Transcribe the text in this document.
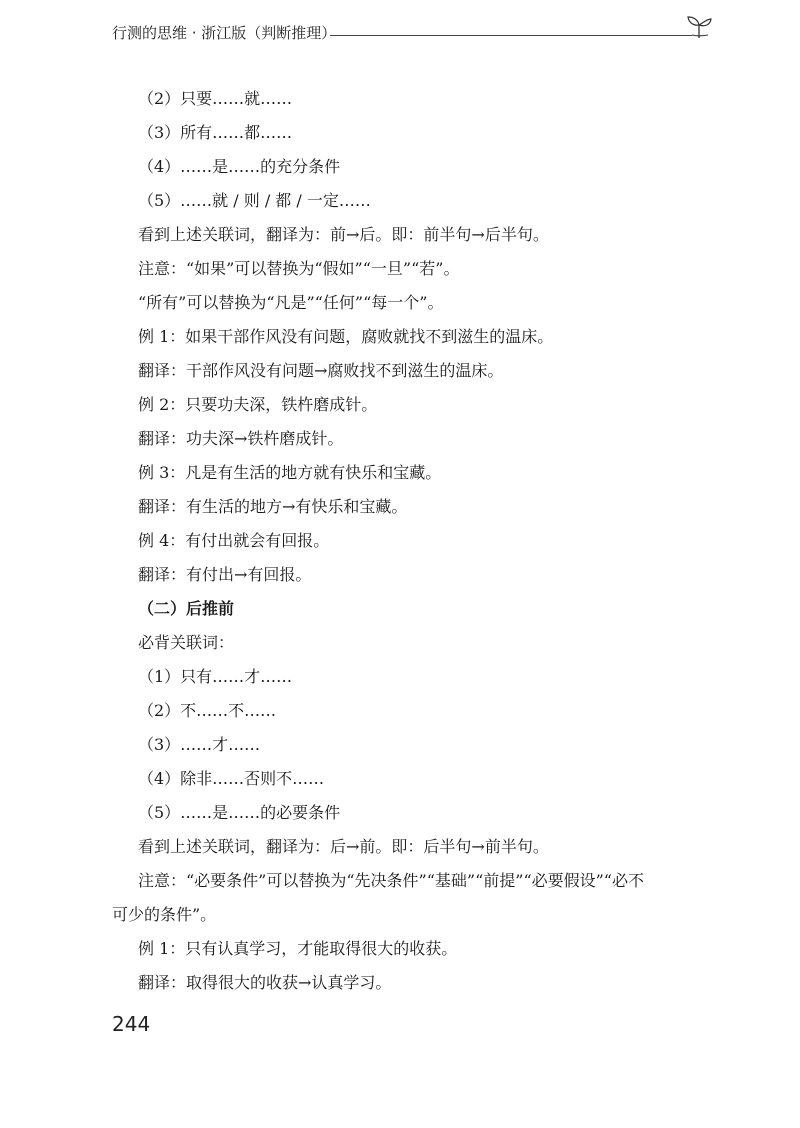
行测的思维 · 浙江版（判断推理）
（2）只要……就……
（3）所有……都……
（4）……是……的充分条件
（5）……就 / 则 / 都 / 一定……
看到上述关联词，翻译为：前→后。即：前半句→后半句。
注意：“如果”可以替换为“假如”“一旦”“若”。
“所有”可以替换为“凡是”“任何”“每一个”。
例 1：如果干部作风没有问题，腐败就找不到滋生的温床。
翻译：干部作风没有问题→腐败找不到滋生的温床。
例 2：只要功夫深，铁杵磨成针。
翻译：功夫深→铁杵磨成针。
例 3：凡是有生活的地方就有快乐和宝藏。
翻译：有生活的地方→有快乐和宝藏。
例 4：有付出就会有回报。
翻译：有付出→有回报。
（二）后推前
必背关联词：
（1）只有……才……
（2）不……不……
（3）……才……
（4）除非……否则不……
（5）……是……的必要条件
看到上述关联词，翻译为：后→前。即：后半句→前半句。
注意：“必要条件”可以替换为“先决条件”“基础”“前提”“必要假设”“必不
可少的条件”。
例 1：只有认真学习，才能取得很大的收获。
翻译：取得很大的收获→认真学习。
244
